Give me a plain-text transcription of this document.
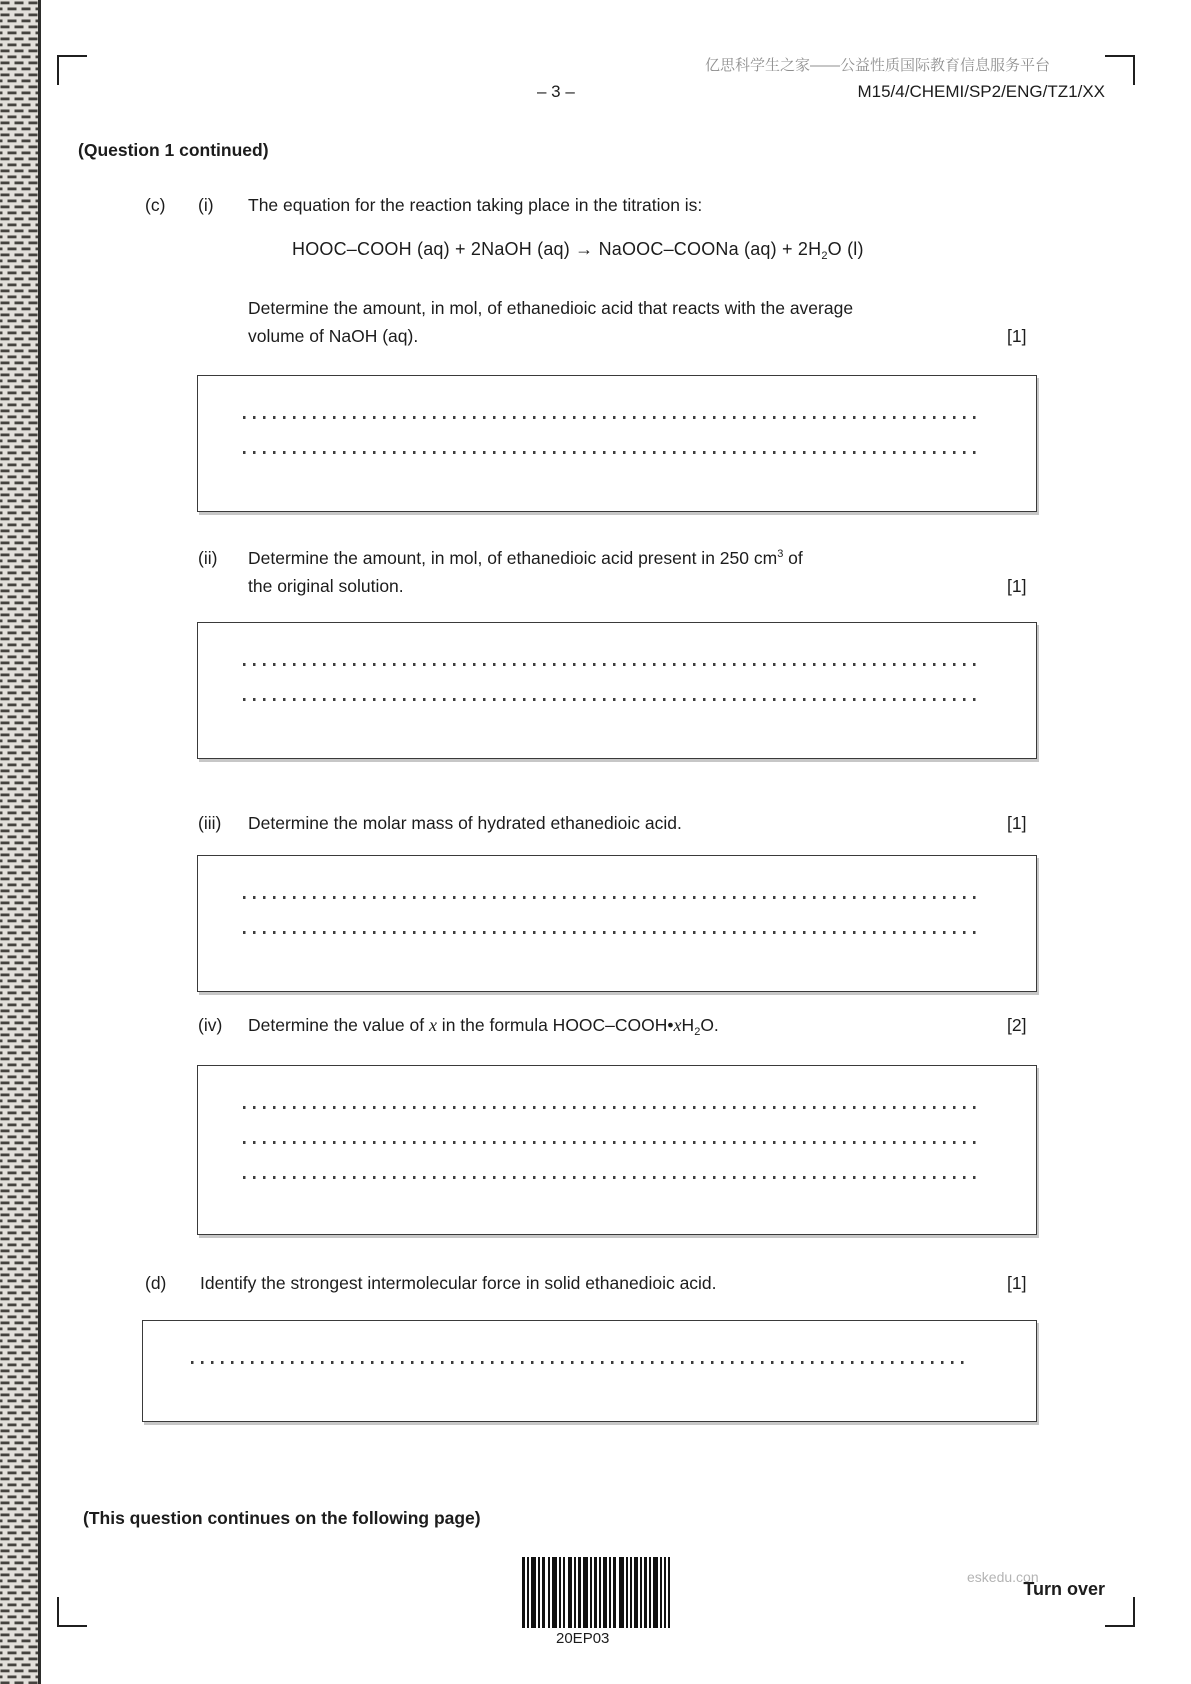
亿思科学生之家——公益性质国际教育信息服务平台
– 3 –	M15/4/CHEMI/SP2/ENG/TZ1/XX
(Question 1 continued)
(c) (i) The equation for the reaction taking place in the titration is:
HOOC–COOH (aq) + 2NaOH (aq) → NaOOC–COONa $(aq) + 2H_2O$ (l)
Determine the amount, in mol, of ethanedioic acid that reacts with the average
volume of NaOH (aq).	[1]
(ii) Determine the amount, in mol, of ethanedioic acid present in 250 $cm^3$ of
the original solution.	[1]
(iii) Determine the molar mass of hydrated ethanedioic acid.	[1]
(iv) Determine the value of x in the formula HOOC–$COOH•xH_2O$.	[2]
(d) Identify the strongest intermolecular force in solid ethanedioic acid.	[1]
(This question continues on the following page)
20EP03
eskedu.con
Turn over
